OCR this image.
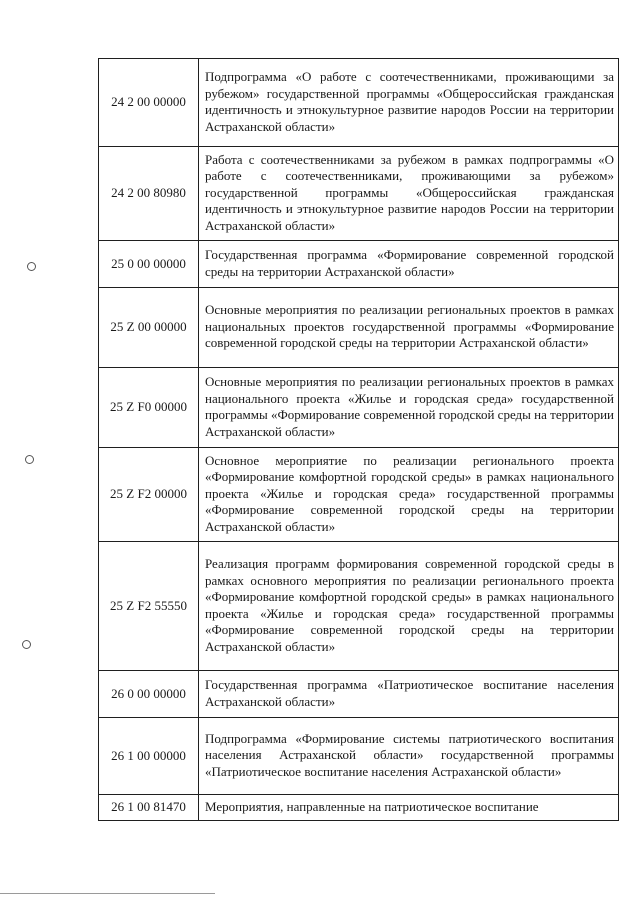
24 2 00 00000	Подпрограмма «О работе с соотечественниками, проживающими за рубежом» государственной программы «Общероссийская гражданская идентичность и этнокультурное развитие народов России на территории Астраханской области»
24 2 00 80980	Работа с соотечественниками за рубежом в рамках подпрограммы «О работе с соотечественниками, проживающими за рубежом» государственной программы «Общероссийская гражданская идентичность и этнокультурное развитие народов России на территории Астраханской области»
25 0 00 00000	Государственная программа «Формирование современной городской среды на территории Астраханской области»
25 Z 00 00000	Основные мероприятия по реализации региональных проектов в рамках национальных проектов государственной программы «Формирование современной городской среды на территории Астраханской области»
25 Z F0 00000	Основные мероприятия по реализации региональных проектов в рамках национального проекта «Жилье и городская среда» государственной программы «Формирование современной городской среды на территории Астраханской области»
25 Z F2 00000	Основное мероприятие по реализации регионального проекта «Формирование комфортной городской среды» в рамках национального проекта «Жилье и городская среда» государственной программы «Формирование современной городской среды на территории Астраханской области»
25 Z F2 55550	Реализация программ формирования современной городской среды в рамках основного мероприятия по реализации регионального проекта «Формирование комфортной городской среды» в рамках национального проекта «Жилье и городская среда» государственной программы «Формирование современной городской среды на территории Астраханской области»
26 0 00 00000	Государственная программа «Патриотическое воспитание населения Астраханской области»
26 1 00 00000	Подпрограмма «Формирование системы патриотического воспитания населения Астраханской области» государственной программы «Патриотическое воспитание населения Астраханской области»
26 1 00 81470	Мероприятия, направленные на патриотическое воспитание
